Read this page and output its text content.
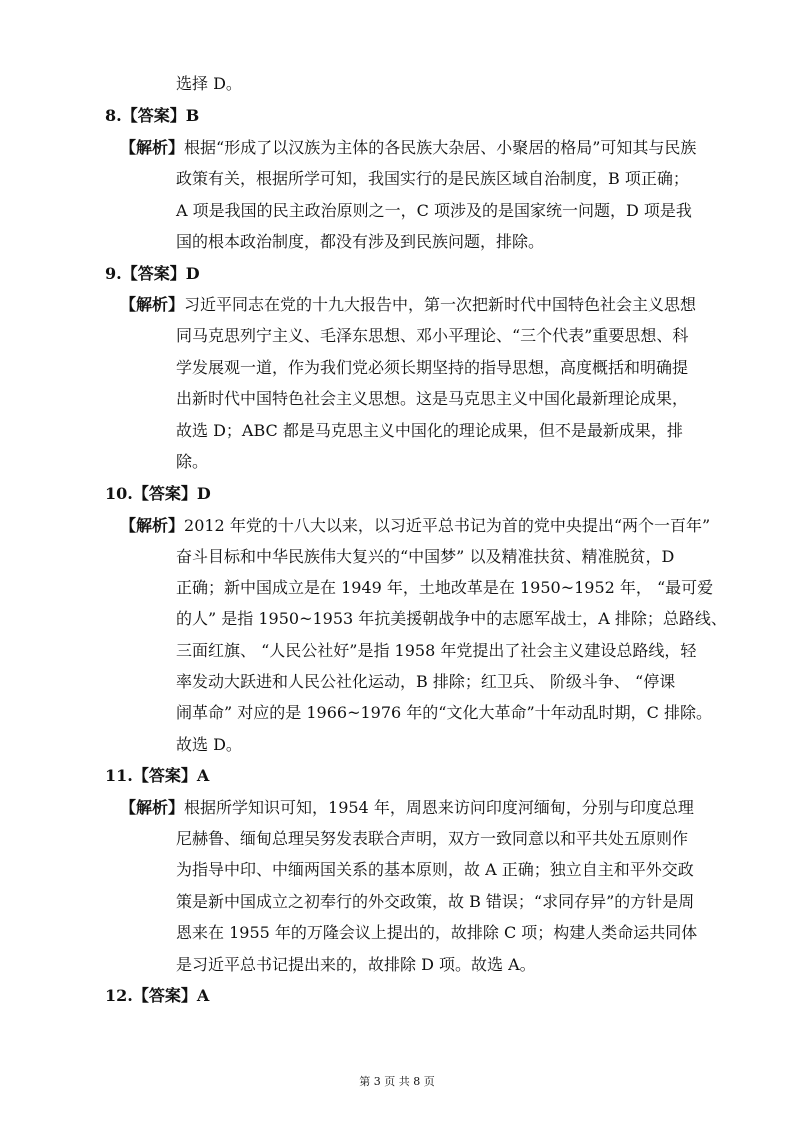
选择 D。
8.【答案】B
【解析】根据“形成了以汉族为主体的各民族大杂居、小聚居的格局”可知其与民族
政策有关，根据所学可知，我国实行的是民族区域自治制度，B 项正确；
A 项是我国的民主政治原则之一，C 项涉及的是国家统一问题，D 项是我
国的根本政治制度，都没有涉及到民族问题，排除。
9.【答案】D
【解析】习近平同志在党的十九大报告中，第一次把新时代中国特色社会主义思想
同马克思列宁主义、毛泽东思想、邓小平理论、“三个代表”重要思想、科
学发展观一道，作为我们党必须长期坚持的指导思想，高度概括和明确提
出新时代中国特色社会主义思想。这是马克思主义中国化最新理论成果，
故选 D；ABC 都是马克思主义中国化的理论成果，但不是最新成果，排
除。
10.【答案】D
【解析】2012 年党的十八大以来，以习近平总书记为首的党中央提出“两个一百年”
奋斗目标和中华民族伟大复兴的“中国梦” 以及精准扶贫、精准脱贫，D
正确；新中国成立是在 1949 年，土地改革是在 1950~1952 年， “最可爱
的人” 是指 1950~1953 年抗美援朝战争中的志愿军战士，A 排除；总路线、
三面红旗、 “人民公社好”是指 1958 年党提出了社会主义建设总路线，轻
率发动大跃进和人民公社化运动，B 排除；红卫兵、 阶级斗争、 “停课
闹革命” 对应的是 1966~1976 年的“文化大革命”十年动乱时期，C 排除。
故选 D。
11.【答案】A
【解析】根据所学知识可知，1954 年，周恩来访问印度河缅甸，分别与印度总理
尼赫鲁、缅甸总理吴努发表联合声明，双方一致同意以和平共处五原则作
为指导中印、中缅两国关系的基本原则，故 A 正确；独立自主和平外交政
策是新中国成立之初奉行的外交政策，故 B 错误；“求同存异”的方针是周
恩来在 1955 年的万隆会议上提出的，故排除 C 项；构建人类命运共同体
是习近平总书记提出来的，故排除 D 项。故选 A。
12.【答案】A
第 3 页 共 8 页
